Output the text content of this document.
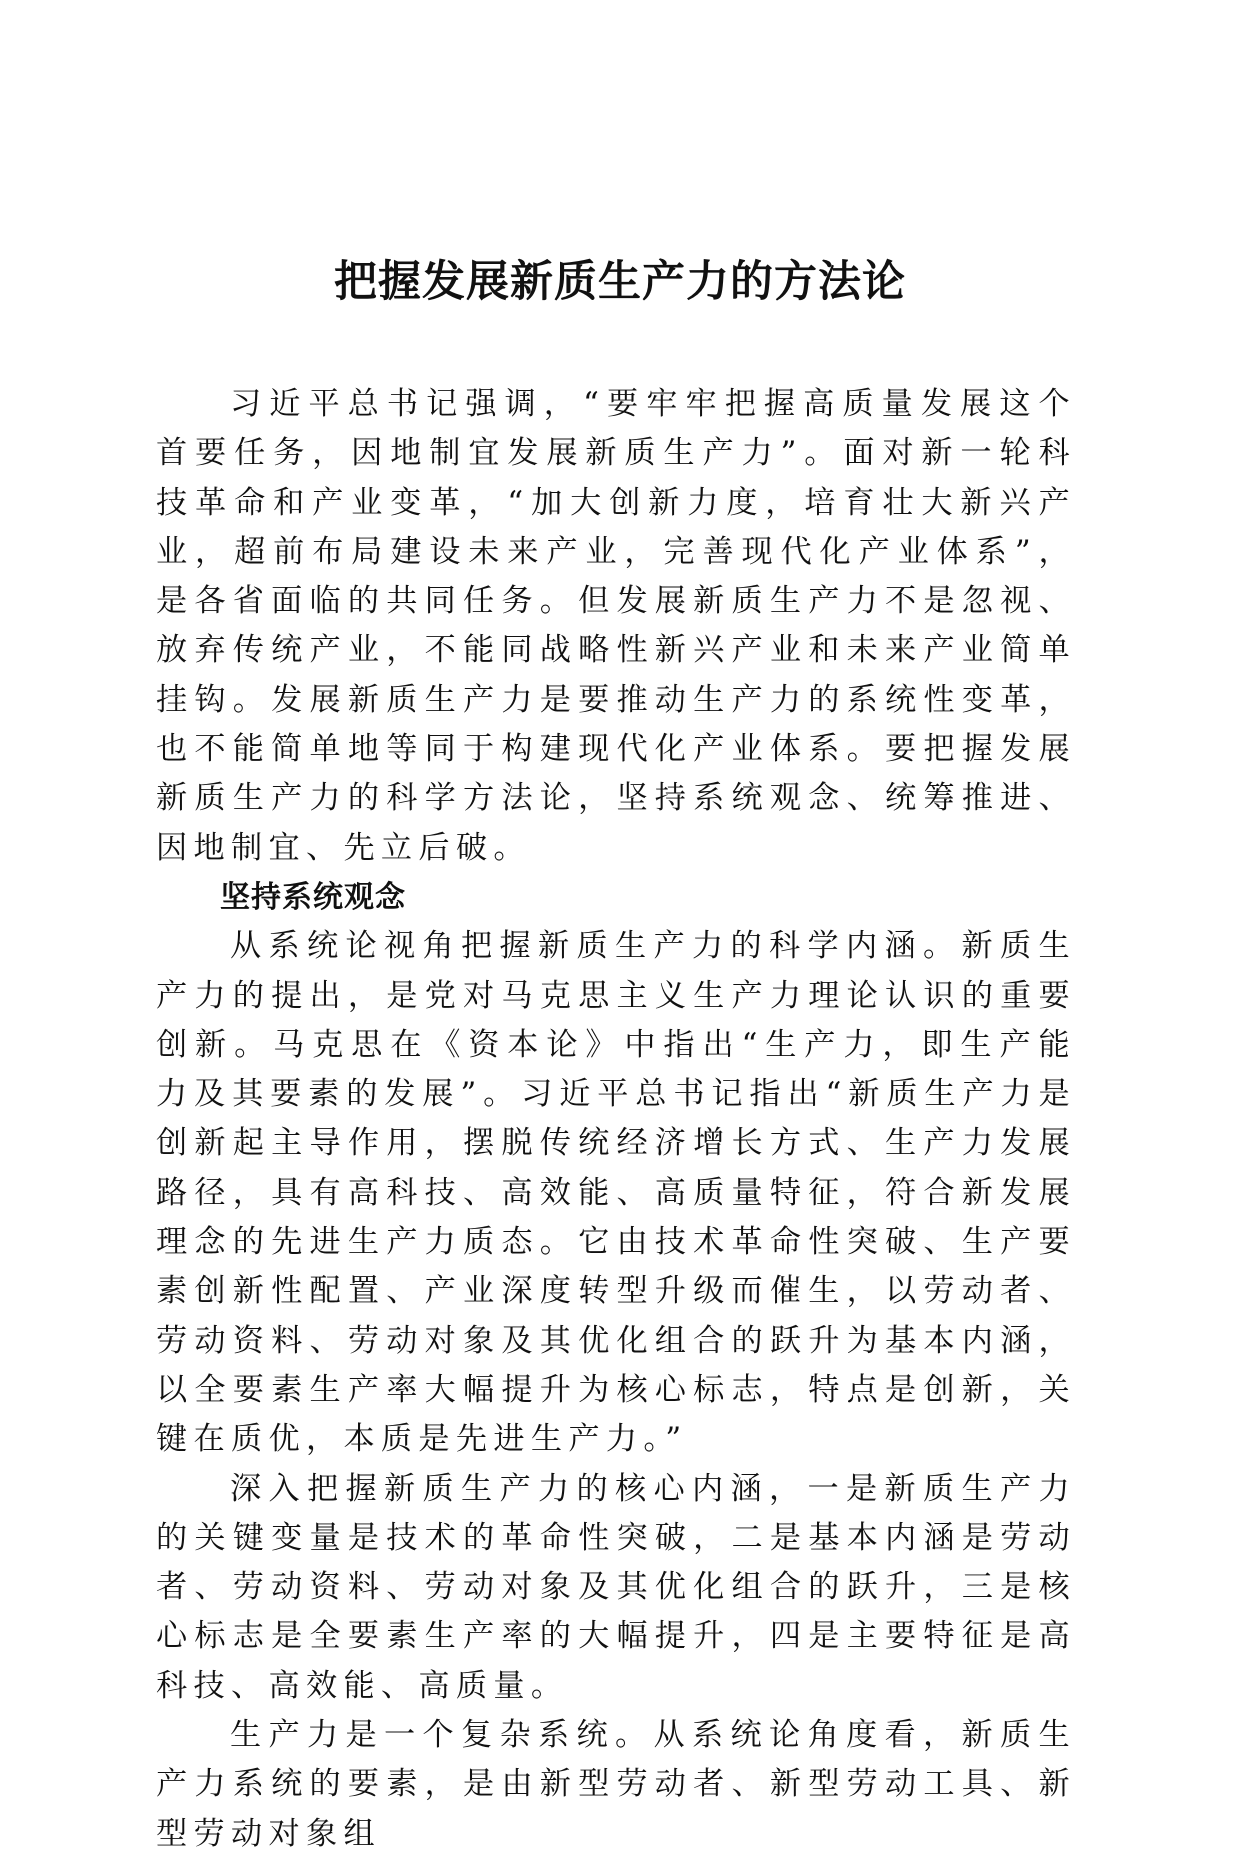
把握发展新质生产力的方法论

习近平总书记强调，“要牢牢把握高质量发展这个首要任务，因地制宜发展新质生产力”。面对新一轮科技革命和产业变革，“加大创新力度，培育壮大新兴产业，超前布局建设未来产业，完善现代化产业体系”，是各省面临的共同任务。但发展新质生产力不是忽视、放弃传统产业，不能同战略性新兴产业和未来产业简单挂钩。发展新质生产力是要推动生产力的系统性变革，也不能简单地等同于构建现代化产业体系。要把握发展新质生产力的科学方法论，坚持系统观念、统筹推进、因地制宜、先立后破。

坚持系统观念

从系统论视角把握新质生产力的科学内涵。新质生产力的提出，是党对马克思主义生产力理论认识的重要创新。马克思在《资本论》中指出“生产力，即生产能力及其要素的发展”。习近平总书记指出“新质生产力是创新起主导作用，摆脱传统经济增长方式、生产力发展路径，具有高科技、高效能、高质量特征，符合新发展理念的先进生产力质态。它由技术革命性突破、生产要素创新性配置、产业深度转型升级而催生，以劳动者、劳动资料、劳动对象及其优化组合的跃升为基本内涵，以全要素生产率大幅提升为核心标志，特点是创新，关键在质优，本质是先进生产力。”

深入把握新质生产力的核心内涵，一是新质生产力的关键变量是技术的革命性突破，二是基本内涵是劳动者、劳动资料、劳动对象及其优化组合的跃升，三是核心标志是全要素生产率的大幅提升，四是主要特征是高科技、高效能、高质量。

生产力是一个复杂系统。从系统论角度看，新质生产力系统的要素，是由新型劳动者、新型劳动工具、新型劳动对象组
